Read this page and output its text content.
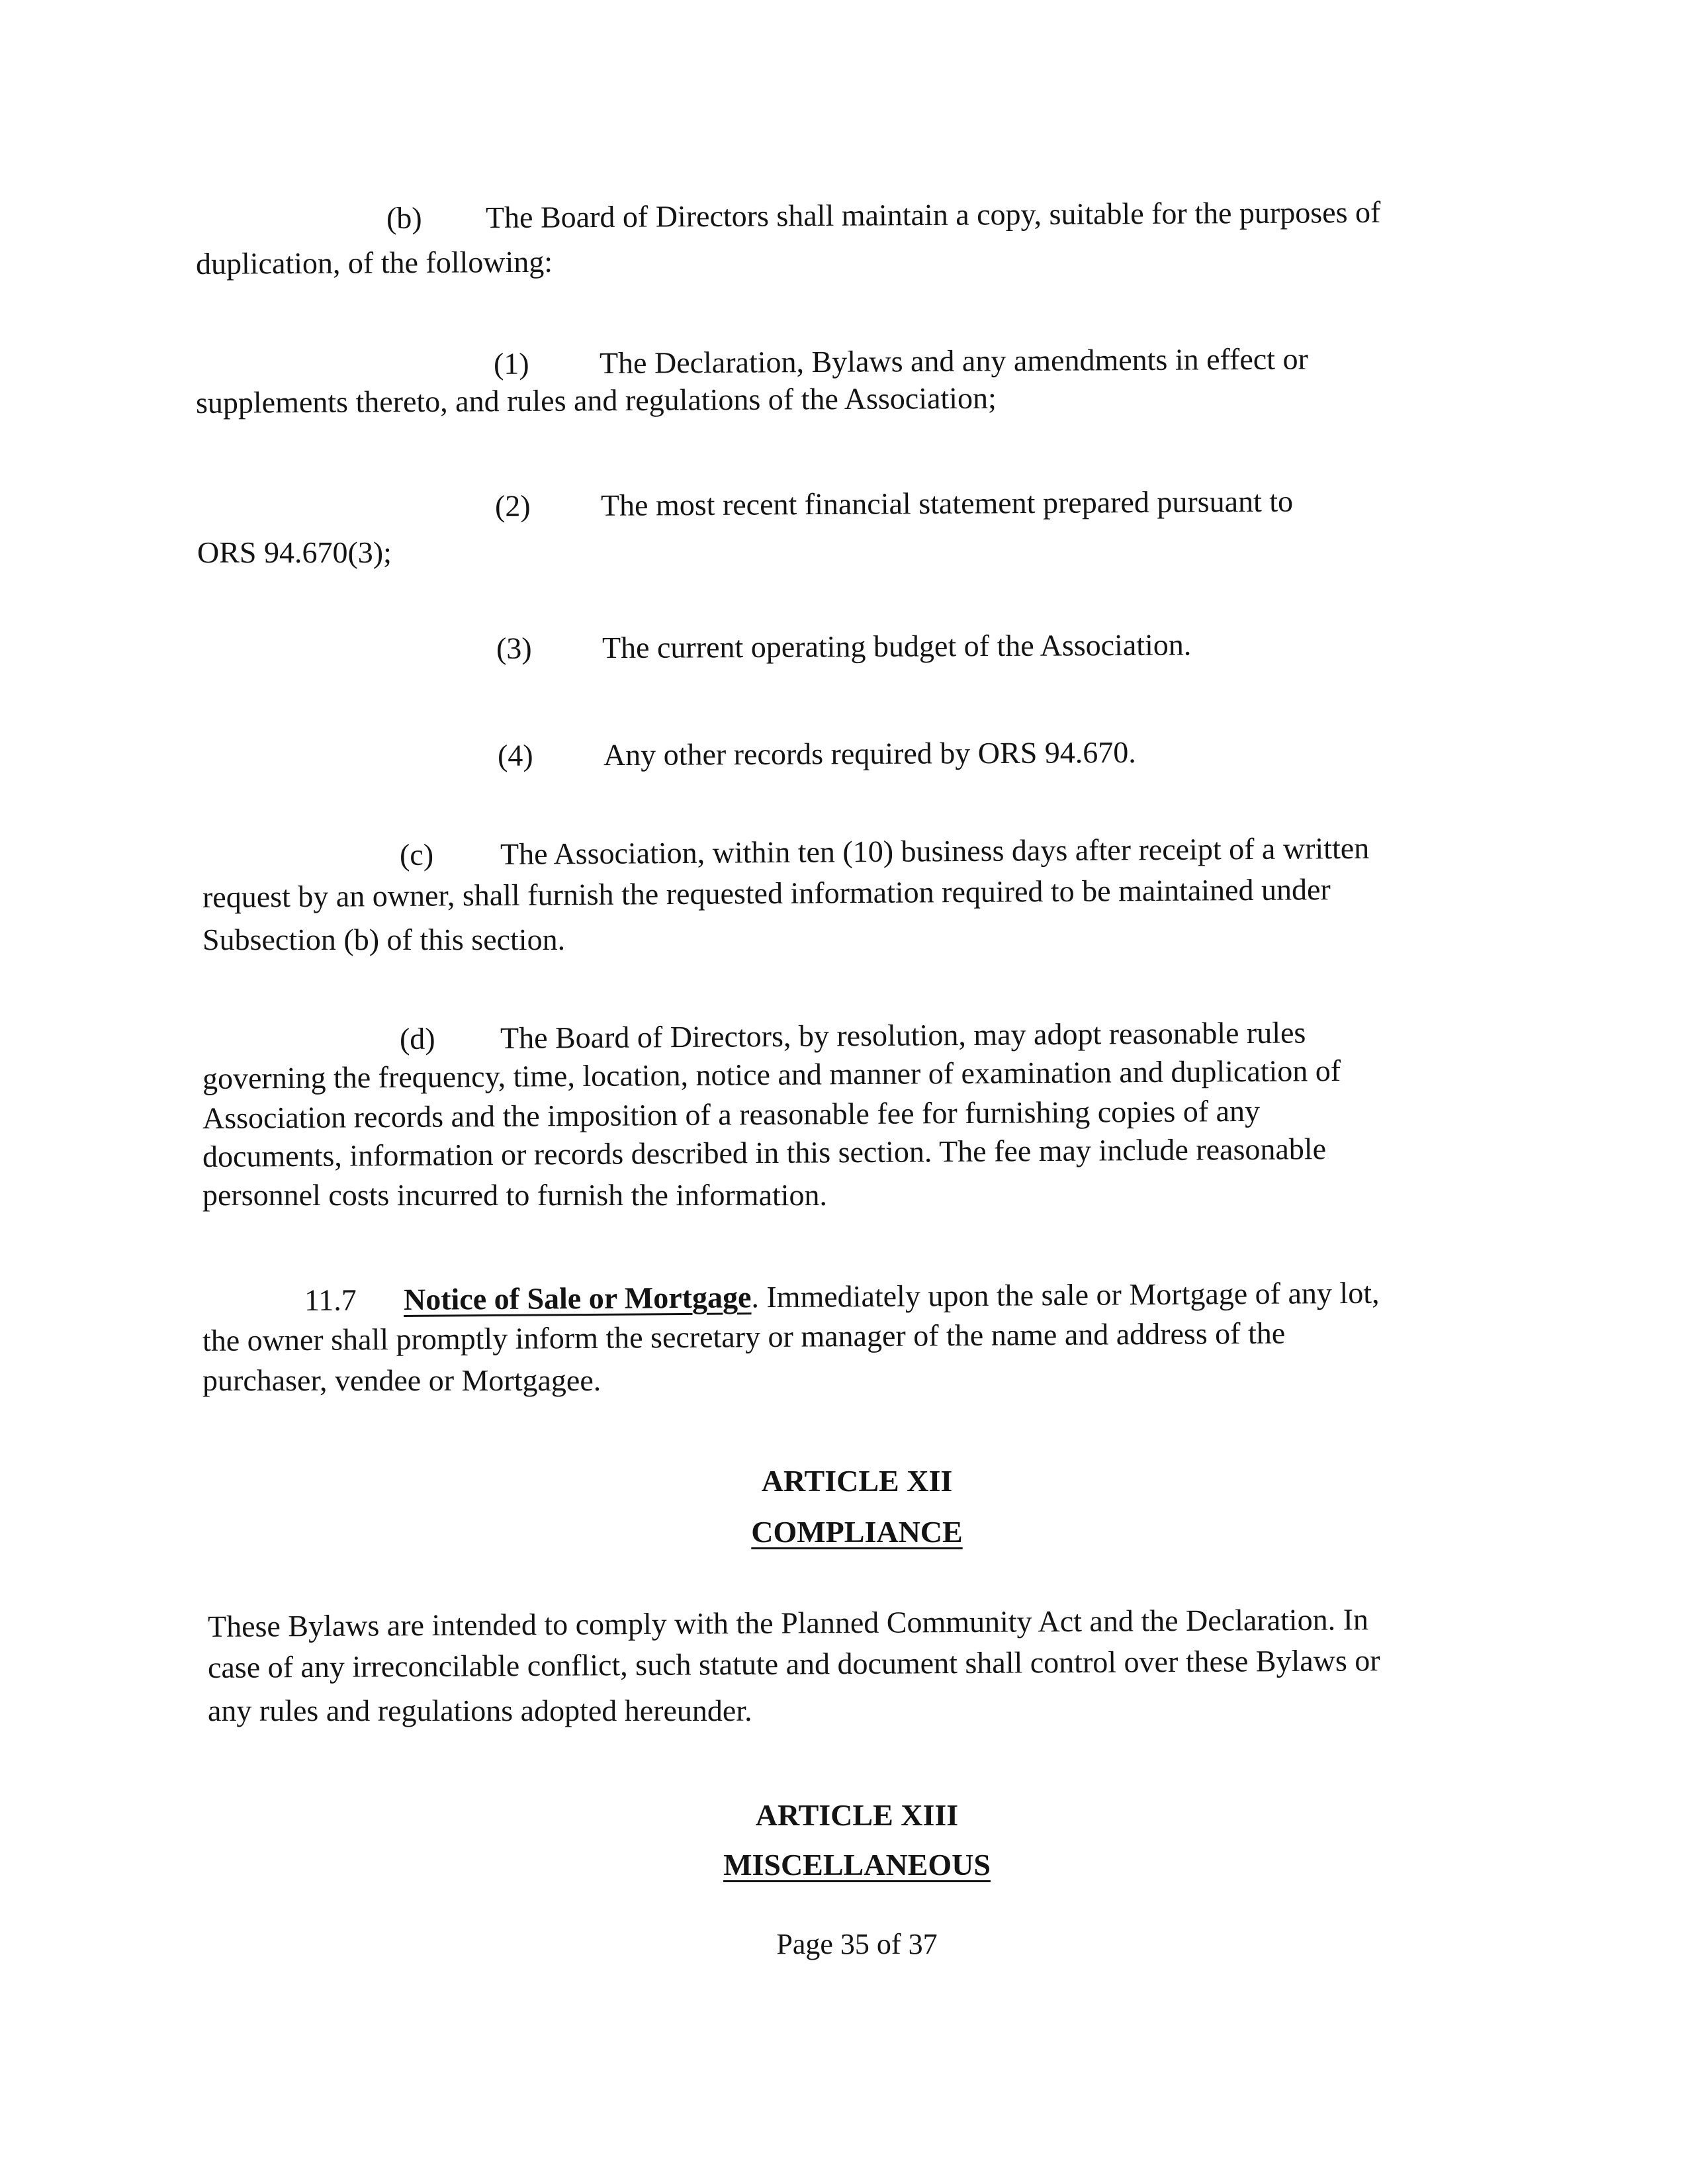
(b) The Board of Directors shall maintain a copy, suitable for the purposes of
duplication, of the following:
(1) The Declaration, Bylaws and any amendments in effect or
supplements thereto, and rules and regulations of the Association;
(2) The most recent financial statement prepared pursuant to
ORS 94.670(3);
(3) The current operating budget of the Association.
(4) Any other records required by ORS 94.670.
(c) The Association, within ten (10) business days after receipt of a written
request by an owner, shall furnish the requested information required to be maintained under
Subsection (b) of this section.
(d) The Board of Directors, by resolution, may adopt reasonable rules
governing the frequency, time, location, notice and manner of examination and duplication of
Association records and the imposition of a reasonable fee for furnishing copies of any
documents, information or records described in this section. The fee may include reasonable
personnel costs incurred to furnish the information.
11.7 Notice of Sale or Mortgage. Immediately upon the sale or Mortgage of any lot,
the owner shall promptly inform the secretary or manager of the name and address of the
purchaser, vendee or Mortgagee.
ARTICLE XII
COMPLIANCE
These Bylaws are intended to comply with the Planned Community Act and the Declaration. In
case of any irreconcilable conflict, such statute and document shall control over these Bylaws or
any rules and regulations adopted hereunder.
ARTICLE XIII
MISCELLANEOUS
Page 35 of 37
